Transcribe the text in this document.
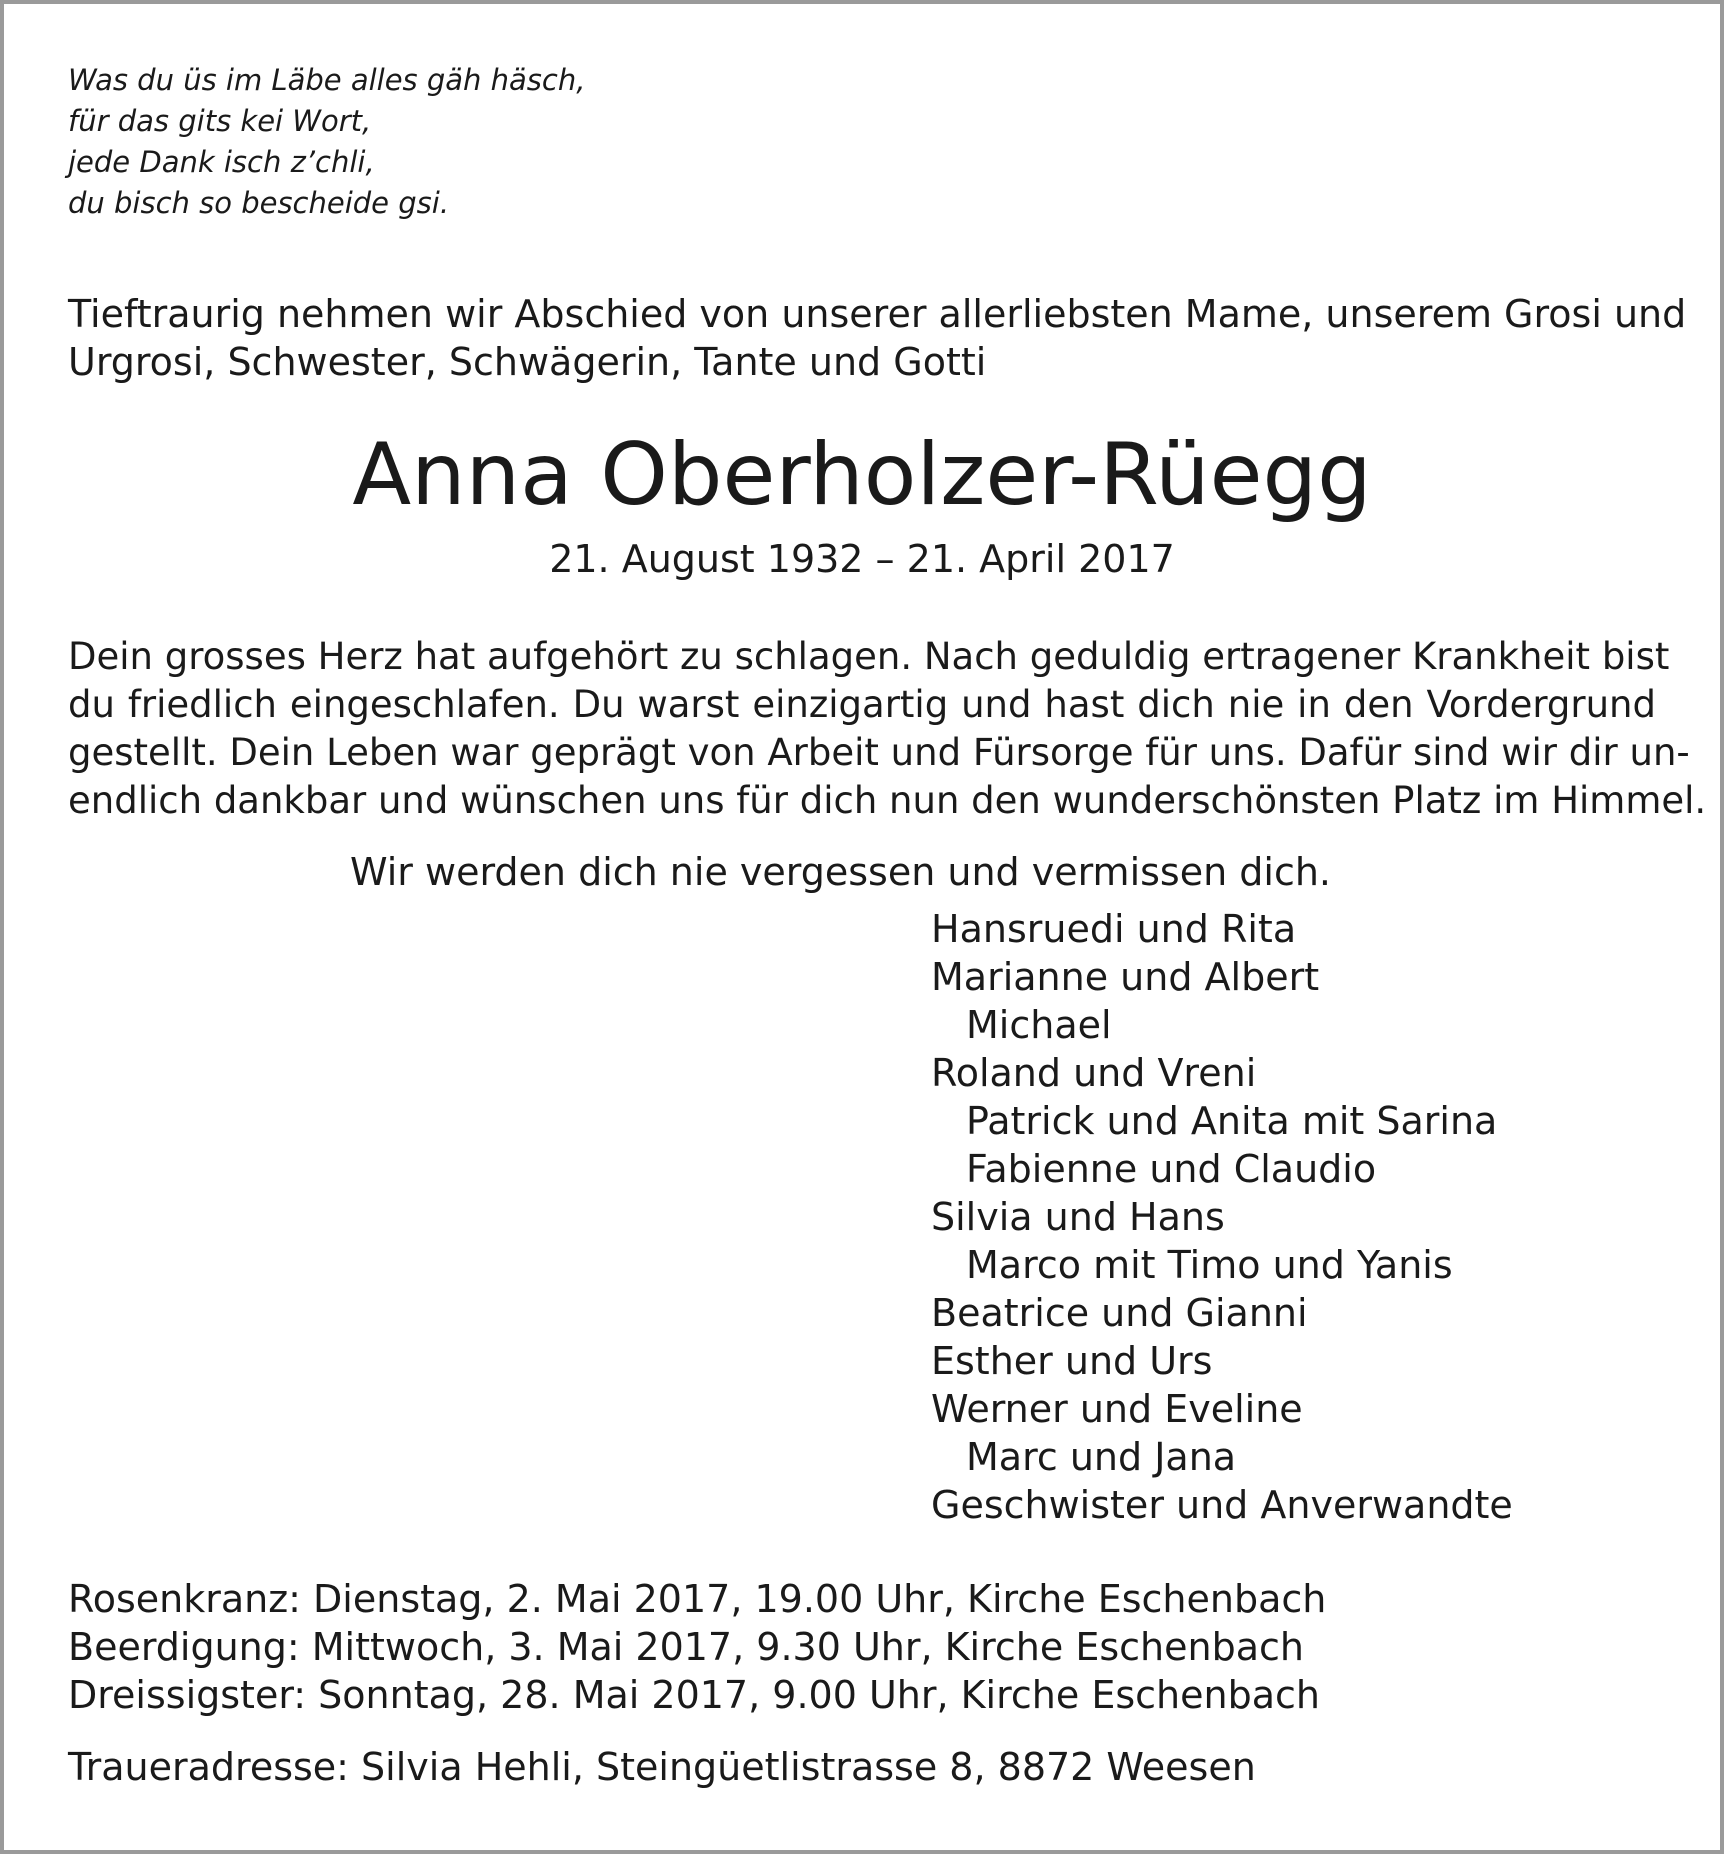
Was du üs im Läbe alles gäh häsch,
für das gits kei Wort,
jede Dank isch z’chli,
du bisch so bescheide gsi.
Tieftraurig nehmen wir Abschied von unserer allerliebsten Mame, unserem Grosi und
Urgrosi, Schwester, Schwägerin, Tante und Gotti
Anna Oberholzer-Rüegg
21. August 1932 – 21. April 2017
Dein grosses Herz hat aufgehört zu schlagen. Nach geduldig ertragener Krankheit bist
du friedlich eingeschlafen. Du warst einzigartig und hast dich nie in den Vordergrund
gestellt. Dein Leben war geprägt von Arbeit und Fürsorge für uns. Dafür sind wir dir un-
endlich dankbar und wünschen uns für dich nun den wunderschönsten Platz im Himmel.
Wir werden dich nie vergessen und vermissen dich.
Hansruedi und Rita
Marianne und Albert
Michael
Roland und Vreni
Patrick und Anita mit Sarina
Fabienne und Claudio
Silvia und Hans
Marco mit Timo und Yanis
Beatrice und Gianni
Esther und Urs
Werner und Eveline
Marc und Jana
Geschwister und Anverwandte
Rosenkranz: Dienstag, 2. Mai 2017, 19.00 Uhr, Kirche Eschenbach
Beerdigung: Mittwoch, 3. Mai 2017, 9.30 Uhr, Kirche Eschenbach
Dreissigster: Sonntag, 28. Mai 2017, 9.00 Uhr, Kirche Eschenbach
Traueradresse: Silvia Hehli, Steingüetlistrasse 8, 8872 Weesen
